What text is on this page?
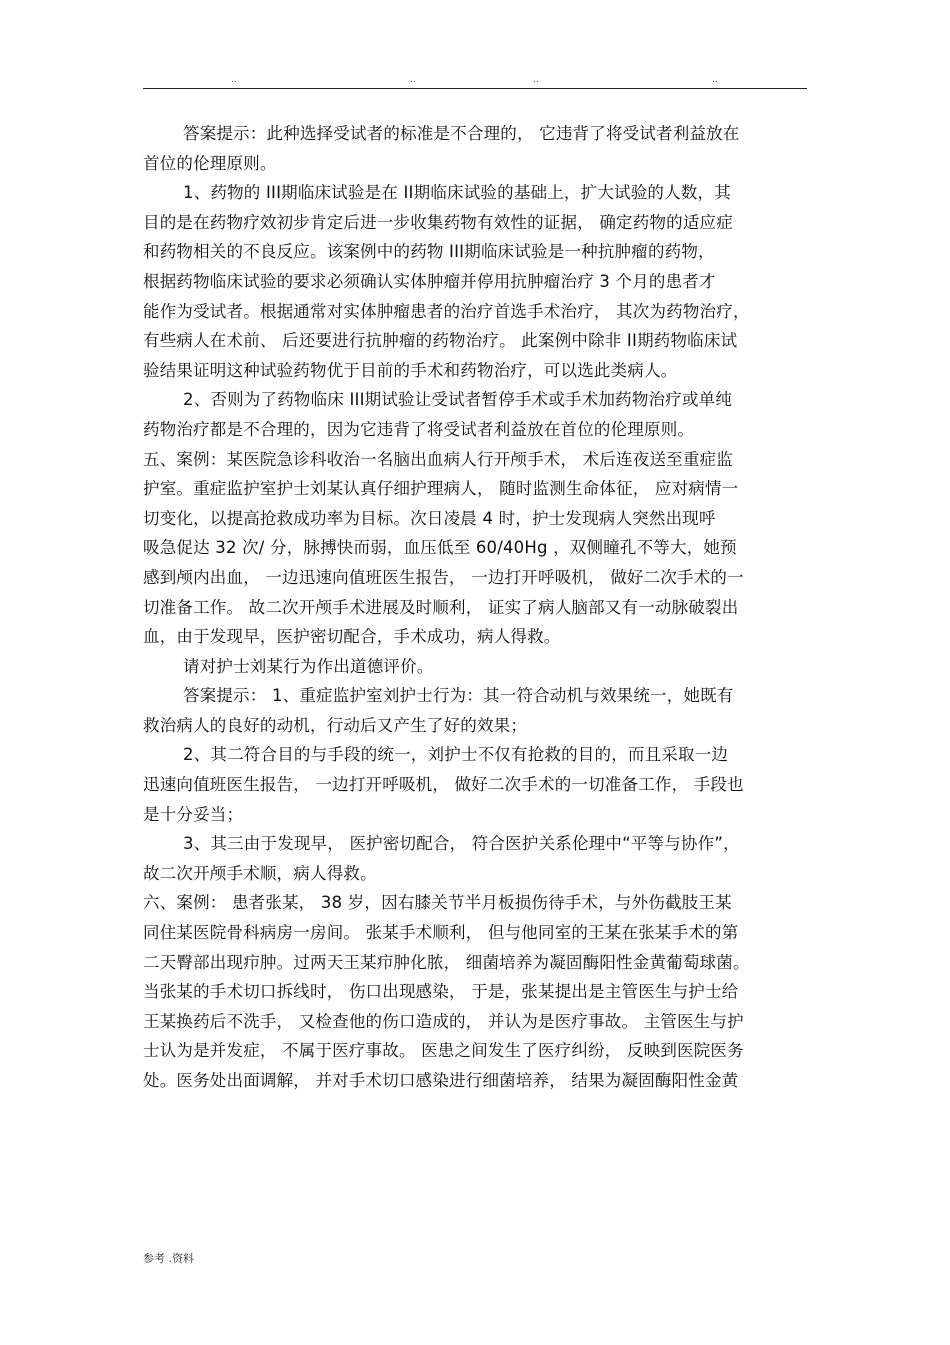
..	..	..	..
答案提示：此种选择受试者的标准是不合理的， 它违背了将受试者利益放在
首位的伦理原则。
1、药物的 III期临床试验是在 II期临床试验的基础上，扩大试验的人数，其
目的是在药物疗效初步肯定后进一步收集药物有效性的证据， 确定药物的适应症
和药物相关的不良反应。该案例中的药物 III期临床试验是一种抗肿瘤的药物，
根据药物临床试验的要求必须确认实体肿瘤并停用抗肿瘤治疗 3 个月的患者才
能作为受试者。根据通常对实体肿瘤患者的治疗首选手术治疗， 其次为药物治疗，
有些病人在术前、 后还要进行抗肿瘤的药物治疗。 此案例中除非 II期药物临床试
验结果证明这种试验药物优于目前的手术和药物治疗，可以选此类病人。
2、否则为了药物临床 III期试验让受试者暂停手术或手术加药物治疗或单纯
药物治疗都是不合理的，因为它违背了将受试者利益放在首位的伦理原则。
五、案例：某医院急诊科收治一名脑出血病人行开颅手术， 术后连夜送至重症监
护室。重症监护室护士刘某认真仔细护理病人， 随时监测生命体征， 应对病情一
切变化，以提高抢救成功率为目标。次日凌晨 4 时，护士发现病人突然出现呼
吸急促达 32 次/ 分，脉搏快而弱，血压低至 60/40Hg ，双侧瞳孔不等大，她预
感到颅内出血， 一边迅速向值班医生报告， 一边打开呼吸机， 做好二次手术的一
切准备工作。 故二次开颅手术进展及时顺利， 证实了病人脑部又有一动脉破裂出
血，由于发现早，医护密切配合，手术成功，病人得救。
请对护士刘某行为作出道德评价。
答案提示： 1、重症监护室刘护士行为：其一符合动机与效果统一，她既有
救治病人的良好的动机，行动后又产生了好的效果；
2、其二符合目的与手段的统一，刘护士不仅有抢救的目的，而且采取一边
迅速向值班医生报告， 一边打开呼吸机， 做好二次手术的一切准备工作， 手段也
是十分妥当；
3、其三由于发现早， 医护密切配合， 符合医护关系伦理中“平等与协作”，
故二次开颅手术顺，病人得救。
六、案例： 患者张某， 38 岁，因右膝关节半月板损伤待手术，与外伤截肢王某
同住某医院骨科病房一房间。 张某手术顺利， 但与他同室的王某在张某手术的第
二天臀部出现疖肿。过两天王某疖肿化脓， 细菌培养为凝固酶阳性金黄葡萄球菌。
当张某的手术切口拆线时， 伤口出现感染， 于是，张某提出是主管医生与护士给
王某换药后不洗手， 又检查他的伤口造成的， 并认为是医疗事故。 主管医生与护
士认为是并发症， 不属于医疗事故。 医患之间发生了医疗纠纷， 反映到医院医务
处。医务处出面调解， 并对手术切口感染进行细菌培养， 结果为凝固酶阳性金黄
参考 .资料
